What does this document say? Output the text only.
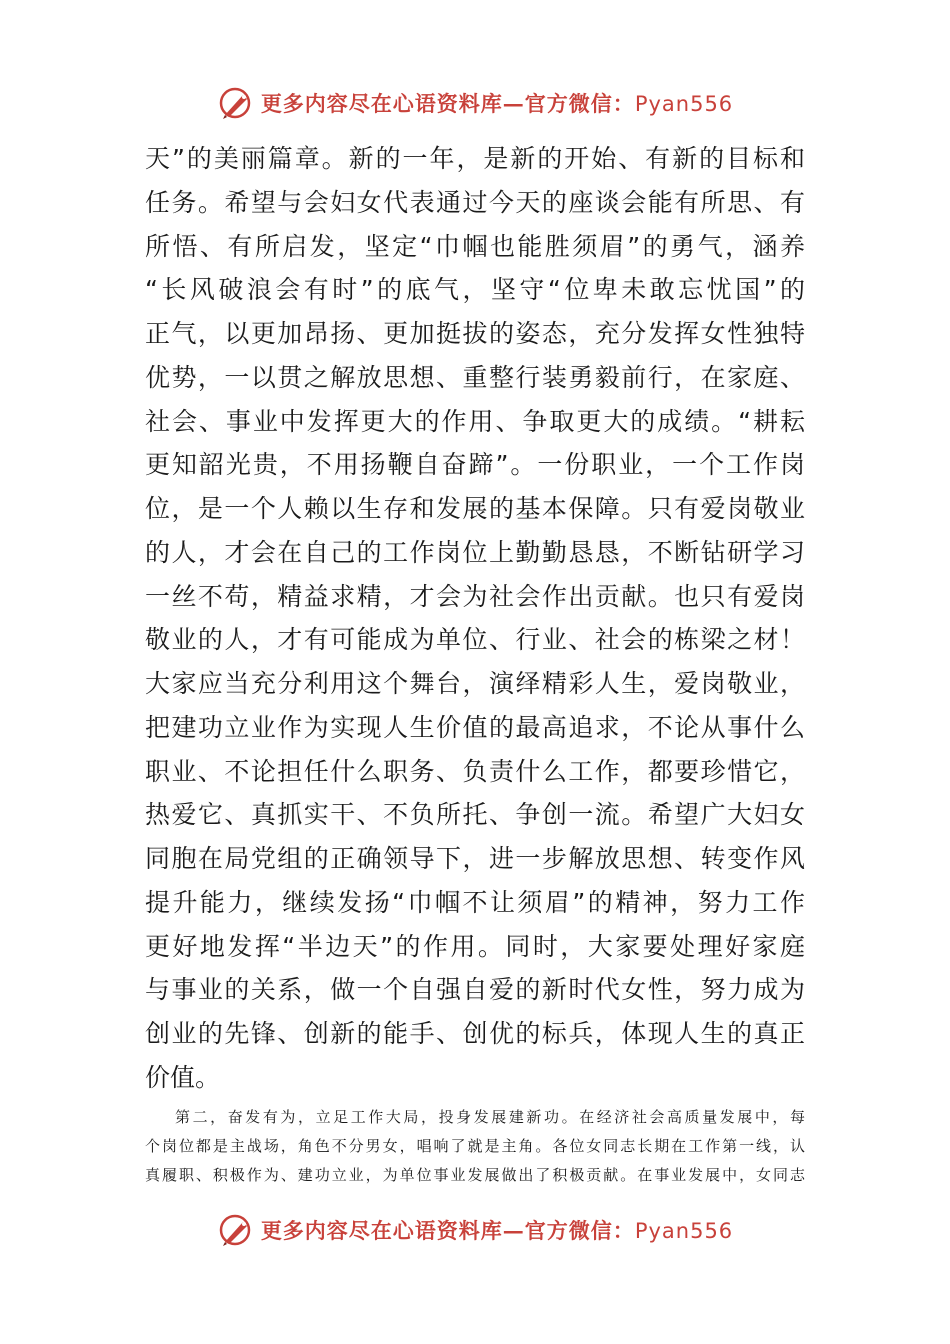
更多内容尽在心语资料库—官方微信：Pyan556
天”的美丽篇章。新的一年，是新的开始、有新的目标和
任务。希望与会妇女代表通过今天的座谈会能有所思、有
所悟、有所启发，坚定“巾帼也能胜须眉”的勇气，涵养
“长风破浪会有时”的底气，坚守“位卑未敢忘忧国”的
正气，以更加昂扬、更加挺拔的姿态，充分发挥女性独特
优势，一以贯之解放思想、重整行装勇毅前行，在家庭、
社会、事业中发挥更大的作用、争取更大的成绩。“耕耘
更知韶光贵，不用扬鞭自奋蹄”。一份职业，一个工作岗
位，是一个人赖以生存和发展的基本保障。只有爱岗敬业
的人，才会在自己的工作岗位上勤勤恳恳，不断钻研学习
一丝不苟，精益求精，才会为社会作出贡献。也只有爱岗
敬业的人，才有可能成为单位、行业、社会的栋梁之材！
大家应当充分利用这个舞台，演绎精彩人生，爱岗敬业，
把建功立业作为实现人生价值的最高追求，不论从事什么
职业、不论担任什么职务、负责什么工作，都要珍惜它，
热爱它、真抓实干、不负所托、争创一流。希望广大妇女
同胞在局党组的正确领导下，进一步解放思想、转变作风
提升能力，继续发扬“巾帼不让须眉”的精神，努力工作
更好地发挥“半边天”的作用。同时，大家要处理好家庭
与事业的关系，做一个自强自爱的新时代女性，努力成为
创业的先锋、创新的能手、创优的标兵，体现人生的真正
价值。
第二，奋发有为，立足工作大局，投身发展建新功。在经济社会高质量发展中，每
个岗位都是主战场，角色不分男女，唱响了就是主角。各位女同志长期在工作第一线，认
真履职、积极作为、建功立业，为单位事业发展做出了积极贡献。在事业发展中，女同志
更多内容尽在心语资料库—官方微信：Pyan556
